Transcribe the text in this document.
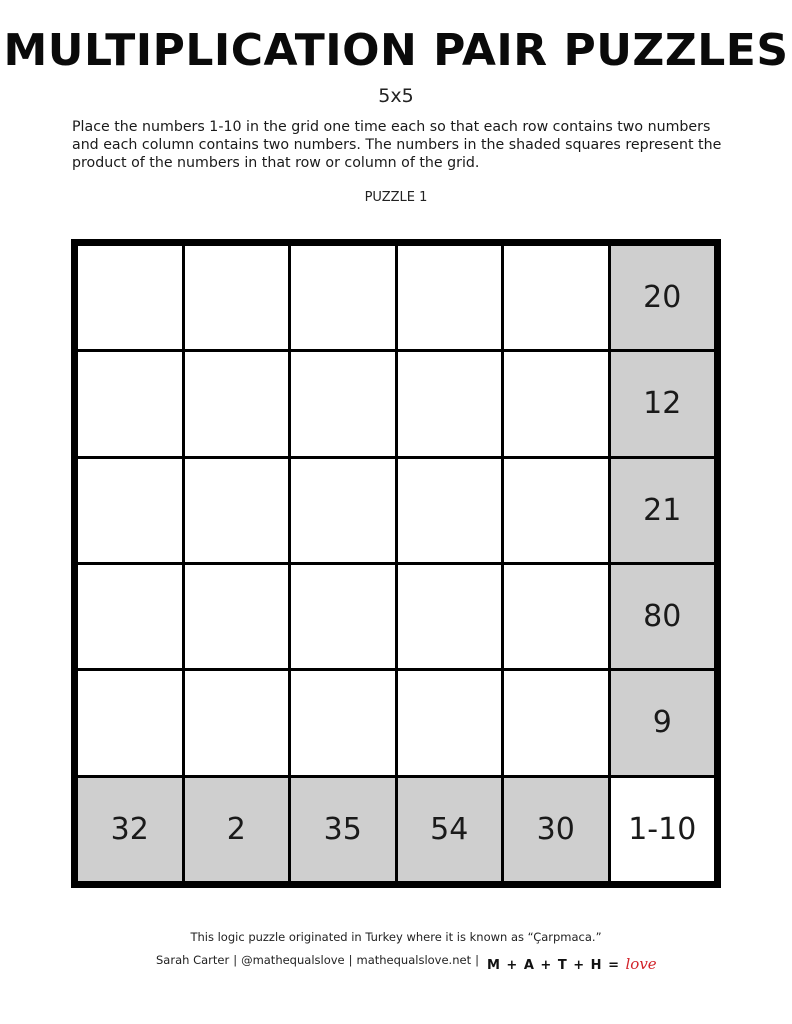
MULTIPLICATION PAIR PUZZLES
5x5
Place the numbers 1-10 in the grid one time each so that each row contains two numbers and each column contains two numbers. The numbers in the shaded squares represent the product of the numbers in that row or column of the grid.
PUZZLE 1
20
12
21
80
9
32	2	35	54	30	1-10
This logic puzzle originated in Turkey where it is known as “Çarpmaca.”
Sarah Carter | @mathequalslove | mathequalslove.net | M + A + T + H = love
